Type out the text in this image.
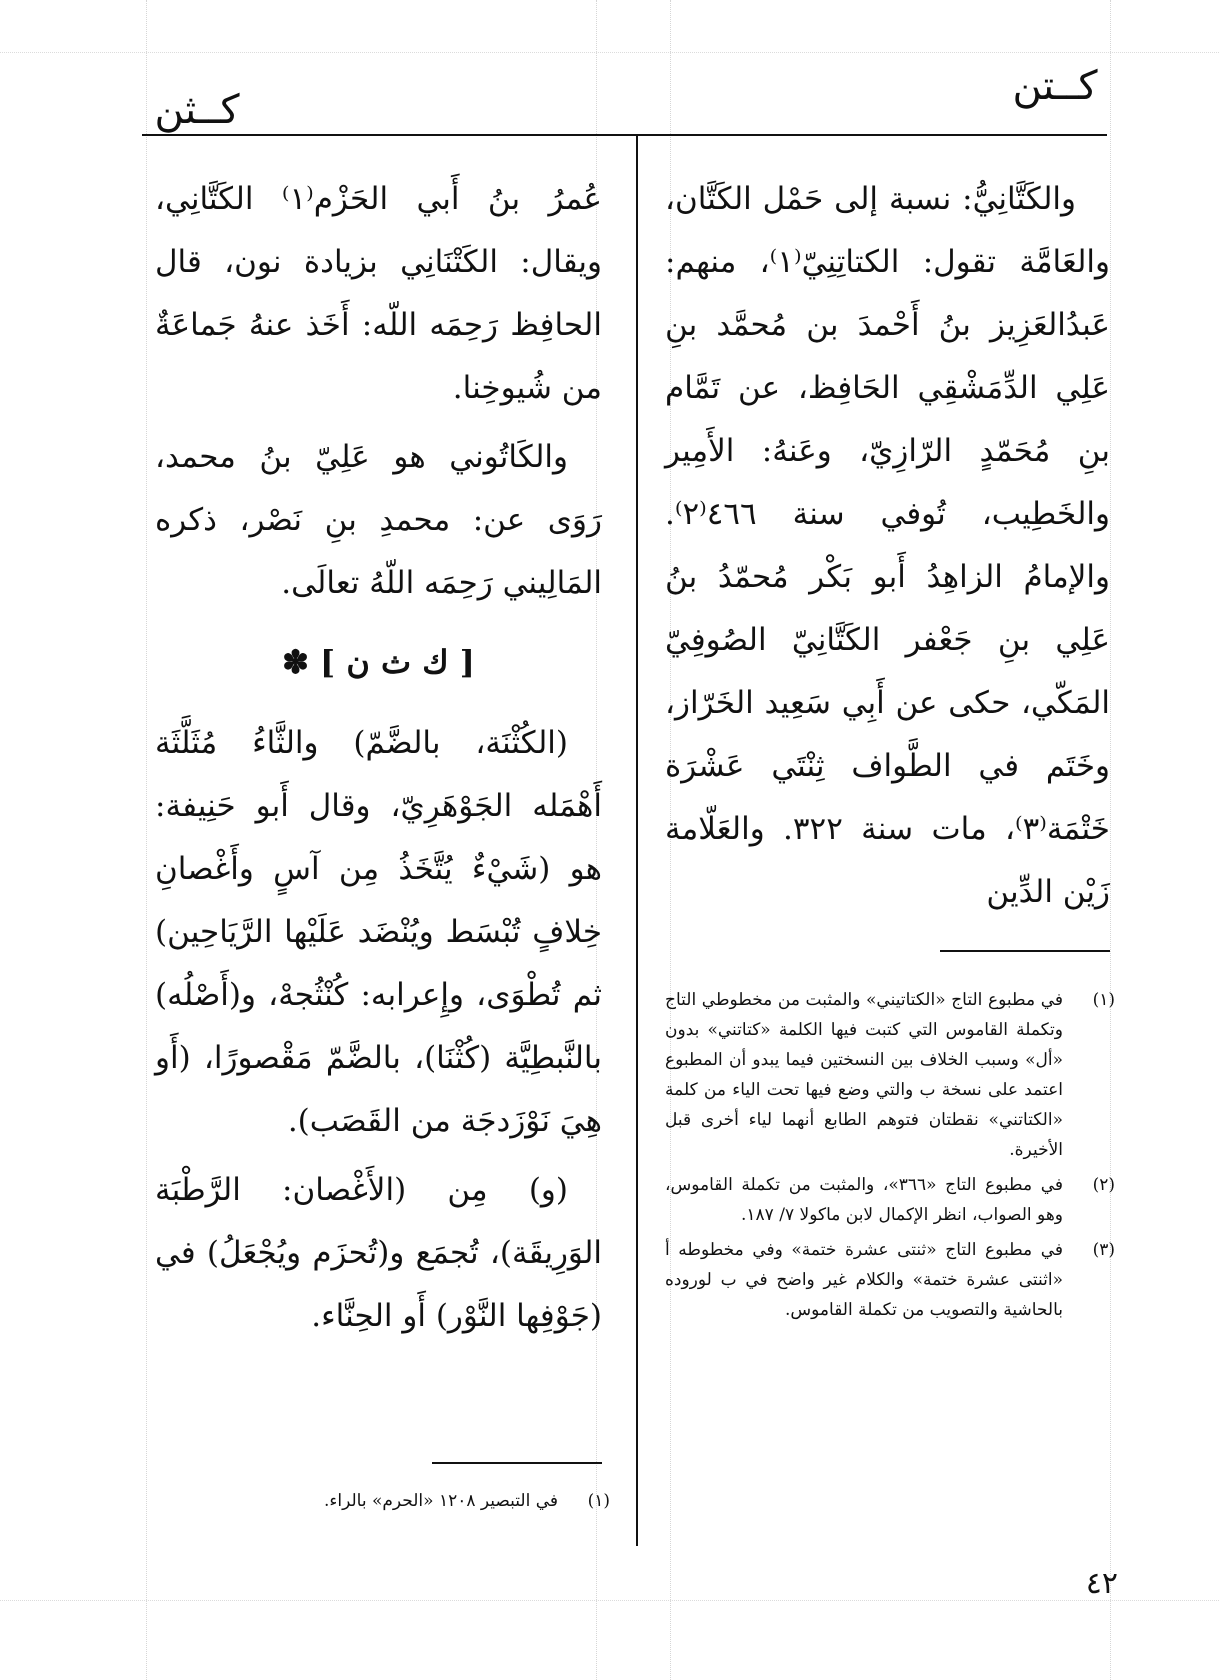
كــتن
كــثن

والكَتَّانِيُّ: نسبة إلى حَمْل الكَتَّان، والعَامَّة تقول: الكتاتِنِيّ⁽١⁾، منهم: عَبدُالعَزِيز بنُ أَحْمدَ بن مُحمَّد بنِ عَلِي الدِّمَشْقِي الحَافِظ، عن تَمَّام بنِ مُحَمّدٍ الرّازِيّ، وعَنهُ: الأَمِير والخَطِيب، تُوفي سنة ٤٦٦⁽٢⁾. والإمامُ الزاهِدُ أَبو بَكْر مُحمّدُ بنُ عَلِي بنِ جَعْفر الكَتَّانِيّ الصُوفِيّ المَكّي، حكى عن أَبِي سَعِيد الخَرّاز، وخَتَم في الطَّواف ثِنْتَي عَشْرَة خَتْمَة⁽٣⁾، مات سنة ٣٢٢. والعَلّامة زَيْن الدِّين

عُمرُ بنُ أَبي الحَزْم⁽١⁾ الكَتَّانِي، ويقال: الكَتْنَانِي بزيادة نون، قال الحافِظ رَحِمَه اللّه: أَخَذ عنهُ جَماعَةٌ من شُيوخِنا.

والكَاتُوني هو عَلِيّ بنُ محمد، رَوَى عن: محمدِ بنِ نَصْر، ذكره المَالِيني رَحِمَه اللّهُ تعالَى.

[ ك ث ن ] ✽

(الكُثْنَة، بالضَّمّ) والثَّاءُ مُثَلَّثَة أَهْمَله الجَوْهَرِيّ، وقال أَبو حَنِيفة: هو (شَيْءٌ يُتَّخَذُ مِن آسٍ وأَغْصانِ خِلافٍ تُبْسَط ويُنْضَد عَلَيْها الرَّيَاحِين) ثم تُطْوَى، وإِعرابه: كُنْثُجهْ، و(أَصْلُه) بالنَّبطِيَّة (كُثْنَا)، بالضَّمّ مَقْصورًا، (أَو هِيَ نَوْزَدجَة من القَصَب).

(و) مِن (الأَغْصان: الرَّطْبَة الوَرِيقَة)، تُجمَع و(تُحزَم ويُجْعَلُ) في (جَوْفِها النَّوْر) أَو الحِنَّاء.

(١)
في مطبوع التاج «الكتاتيني» والمثبت من مخطوطي التاج وتكملة القاموس التي كتبت فيها الكلمة «كتاتني» بدون «أل» وسبب الخلاف بين النسختين فيما يبدو أن المطبوع اعتمد على نسخة ب والتي وضع فيها تحت الياء من كلمة «الكتاتني» نقطتان فتوهم الطابع أنهما لياء أخرى قبل الأخيرة.
(٢)
في مطبوع التاج «٣٦٦»، والمثبت من تكملة القاموس، وهو الصواب، انظر الإكمال لابن ماكولا ٧/ ١٨٧.
(٣)
في مطبوع التاج «ثنتى عشرة ختمة» وفي مخطوطه أ «اثنتى عشرة ختمة» والكلام غير واضح في ب لوروده بالحاشية والتصويب من تكملة القاموس.
(١)
في التبصير ١٢٠٨ «الحرم» بالراء.
٤٢
